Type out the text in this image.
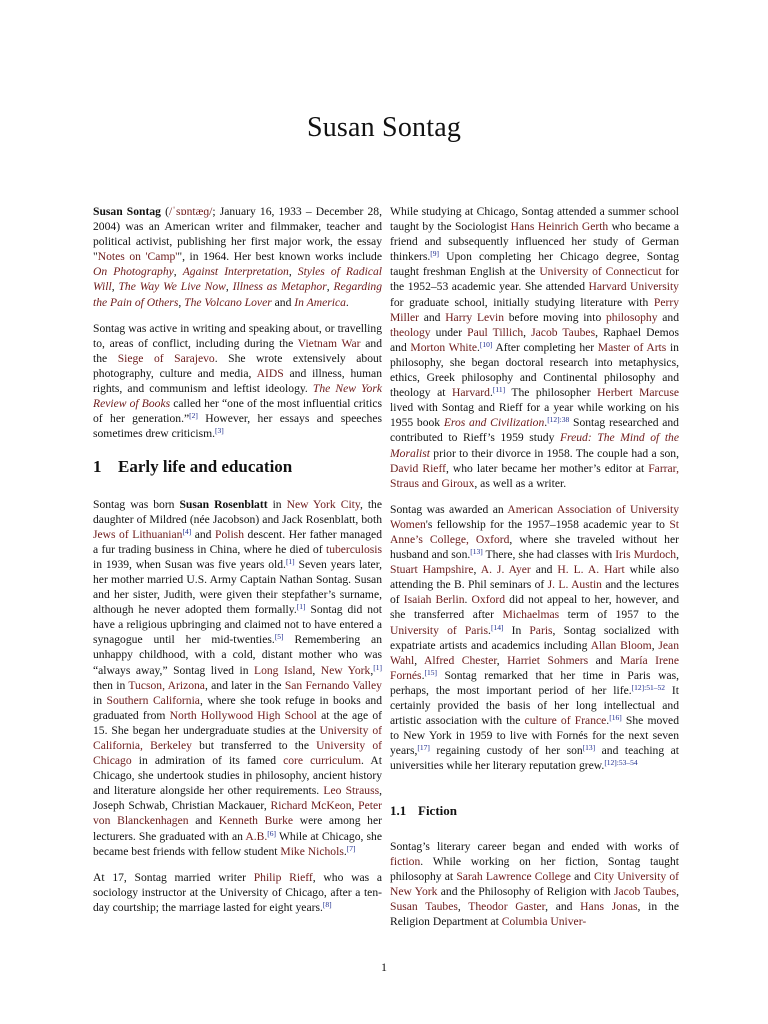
Susan Sontag

Susan Sontag (/ˈsɒntæɡ/; January 16, 1933 – December 28, 2004) was an American writer and filmmaker, teacher and political activist, publishing her first major work, the essay "Notes on 'Camp'", in 1964. Her best known works include On Photography, Against Interpretation, Styles of Radical Will, The Way We Live Now, Illness as Metaphor, Regarding the Pain of Others, The Volcano Lover and In America.

Sontag was active in writing and speaking about, or travelling to, areas of conflict, including during the Vietnam War and the Siege of Sarajevo. She wrote extensively about photography, culture and media, AIDS and illness, human rights, and communism and leftist ideology. The New York Review of Books called her “one of the most influential critics of her generation.”[2] However, her essays and speeches sometimes drew criticism.[3]

1 Early life and education

Sontag was born Susan Rosenblatt in New York City, the daughter of Mildred (née Jacobson) and Jack Rosenblatt, both Jews of Lithuanian[4] and Polish descent. Her father managed a fur trading business in China, where he died of tuberculosis in 1939, when Susan was five years old.[1] Seven years later, her mother married U.S. Army Captain Nathan Sontag. Susan and her sister, Judith, were given their stepfather’s surname, although he never adopted them formally.[1] Sontag did not have a religious upbringing and claimed not to have entered a synagogue until her mid-twenties.[5] Remembering an unhappy childhood, with a cold, distant mother who was “always away,” Sontag lived in Long Island, New York,[1] then in Tucson, Arizona, and later in the San Fernando Valley in Southern California, where she took refuge in books and graduated from North Hollywood High School at the age of 15. She began her undergraduate studies at the University of California, Berkeley but transferred to the University of Chicago in admiration of its famed core curriculum. At Chicago, she undertook studies in philosophy, ancient history and literature alongside her other requirements. Leo Strauss, Joseph Schwab, Christian Mackauer, Richard McKeon, Peter von Blanckenhagen and Kenneth Burke were among her lecturers. She graduated with an A.B.[6] While at Chicago, she became best friends with fellow student Mike Nichols.[7]

At 17, Sontag married writer Philip Rieff, who was a sociology instructor at the University of Chicago, after a ten-day courtship; the marriage lasted for eight years.[8]

While studying at Chicago, Sontag attended a summer school taught by the Sociologist Hans Heinrich Gerth who became a friend and subsequently influenced her study of German thinkers.[9] Upon completing her Chicago degree, Sontag taught freshman English at the University of Connecticut for the 1952–53 academic year. She attended Harvard University for graduate school, initially studying literature with Perry Miller and Harry Levin before moving into philosophy and theology under Paul Tillich, Jacob Taubes, Raphael Demos and Morton White.[10] After completing her Master of Arts in philosophy, she began doctoral research into metaphysics, ethics, Greek philosophy and Continental philosophy and theology at Harvard.[11] The philosopher Herbert Marcuse lived with Sontag and Rieff for a year while working on his 1955 book Eros and Civilization.$^{[12]:38}$ Sontag researched and contributed to Rieff’s 1959 study Freud: The Mind of the Moralist prior to their divorce in 1958. The couple had a son, David Rieff, who later became her mother’s editor at Farrar, Straus and Giroux, as well as a writer.

Sontag was awarded an American Association of University Women's fellowship for the 1957–1958 academic year to St Anne’s College, Oxford, where she traveled without her husband and son.[13] There, she had classes with Iris Murdoch, Stuart Hampshire, A. J. Ayer and H. L. A. Hart while also attending the B. Phil seminars of J. L. Austin and the lectures of Isaiah Berlin. Oxford did not appeal to her, however, and she transferred after Michaelmas term of 1957 to the University of Paris.[14] In Paris, Sontag socialized with expatriate artists and academics including Allan Bloom, Jean Wahl, Alfred Chester, Harriet Sohmers and María Irene Fornés.[15] Sontag remarked that her time in Paris was, perhaps, the most important period of her life.$^{[12]:51-52}$ It certainly provided the basis of her long intellectual and artistic association with the culture of France.[16] She moved to New York in 1959 to live with Fornés for the next seven years,[17] regaining custody of her son[13] and teaching at universities while her literary reputation grew.$^{[12]:53-54}$

1.1 Fiction

Sontag’s literary career began and ended with works of fiction. While working on her fiction, Sontag taught philosophy at Sarah Lawrence College and City University of New York and the Philosophy of Religion with Jacob Taubes, Susan Taubes, Theodor Gaster, and Hans Jonas, in the Religion Department at Columbia Univer-

1
